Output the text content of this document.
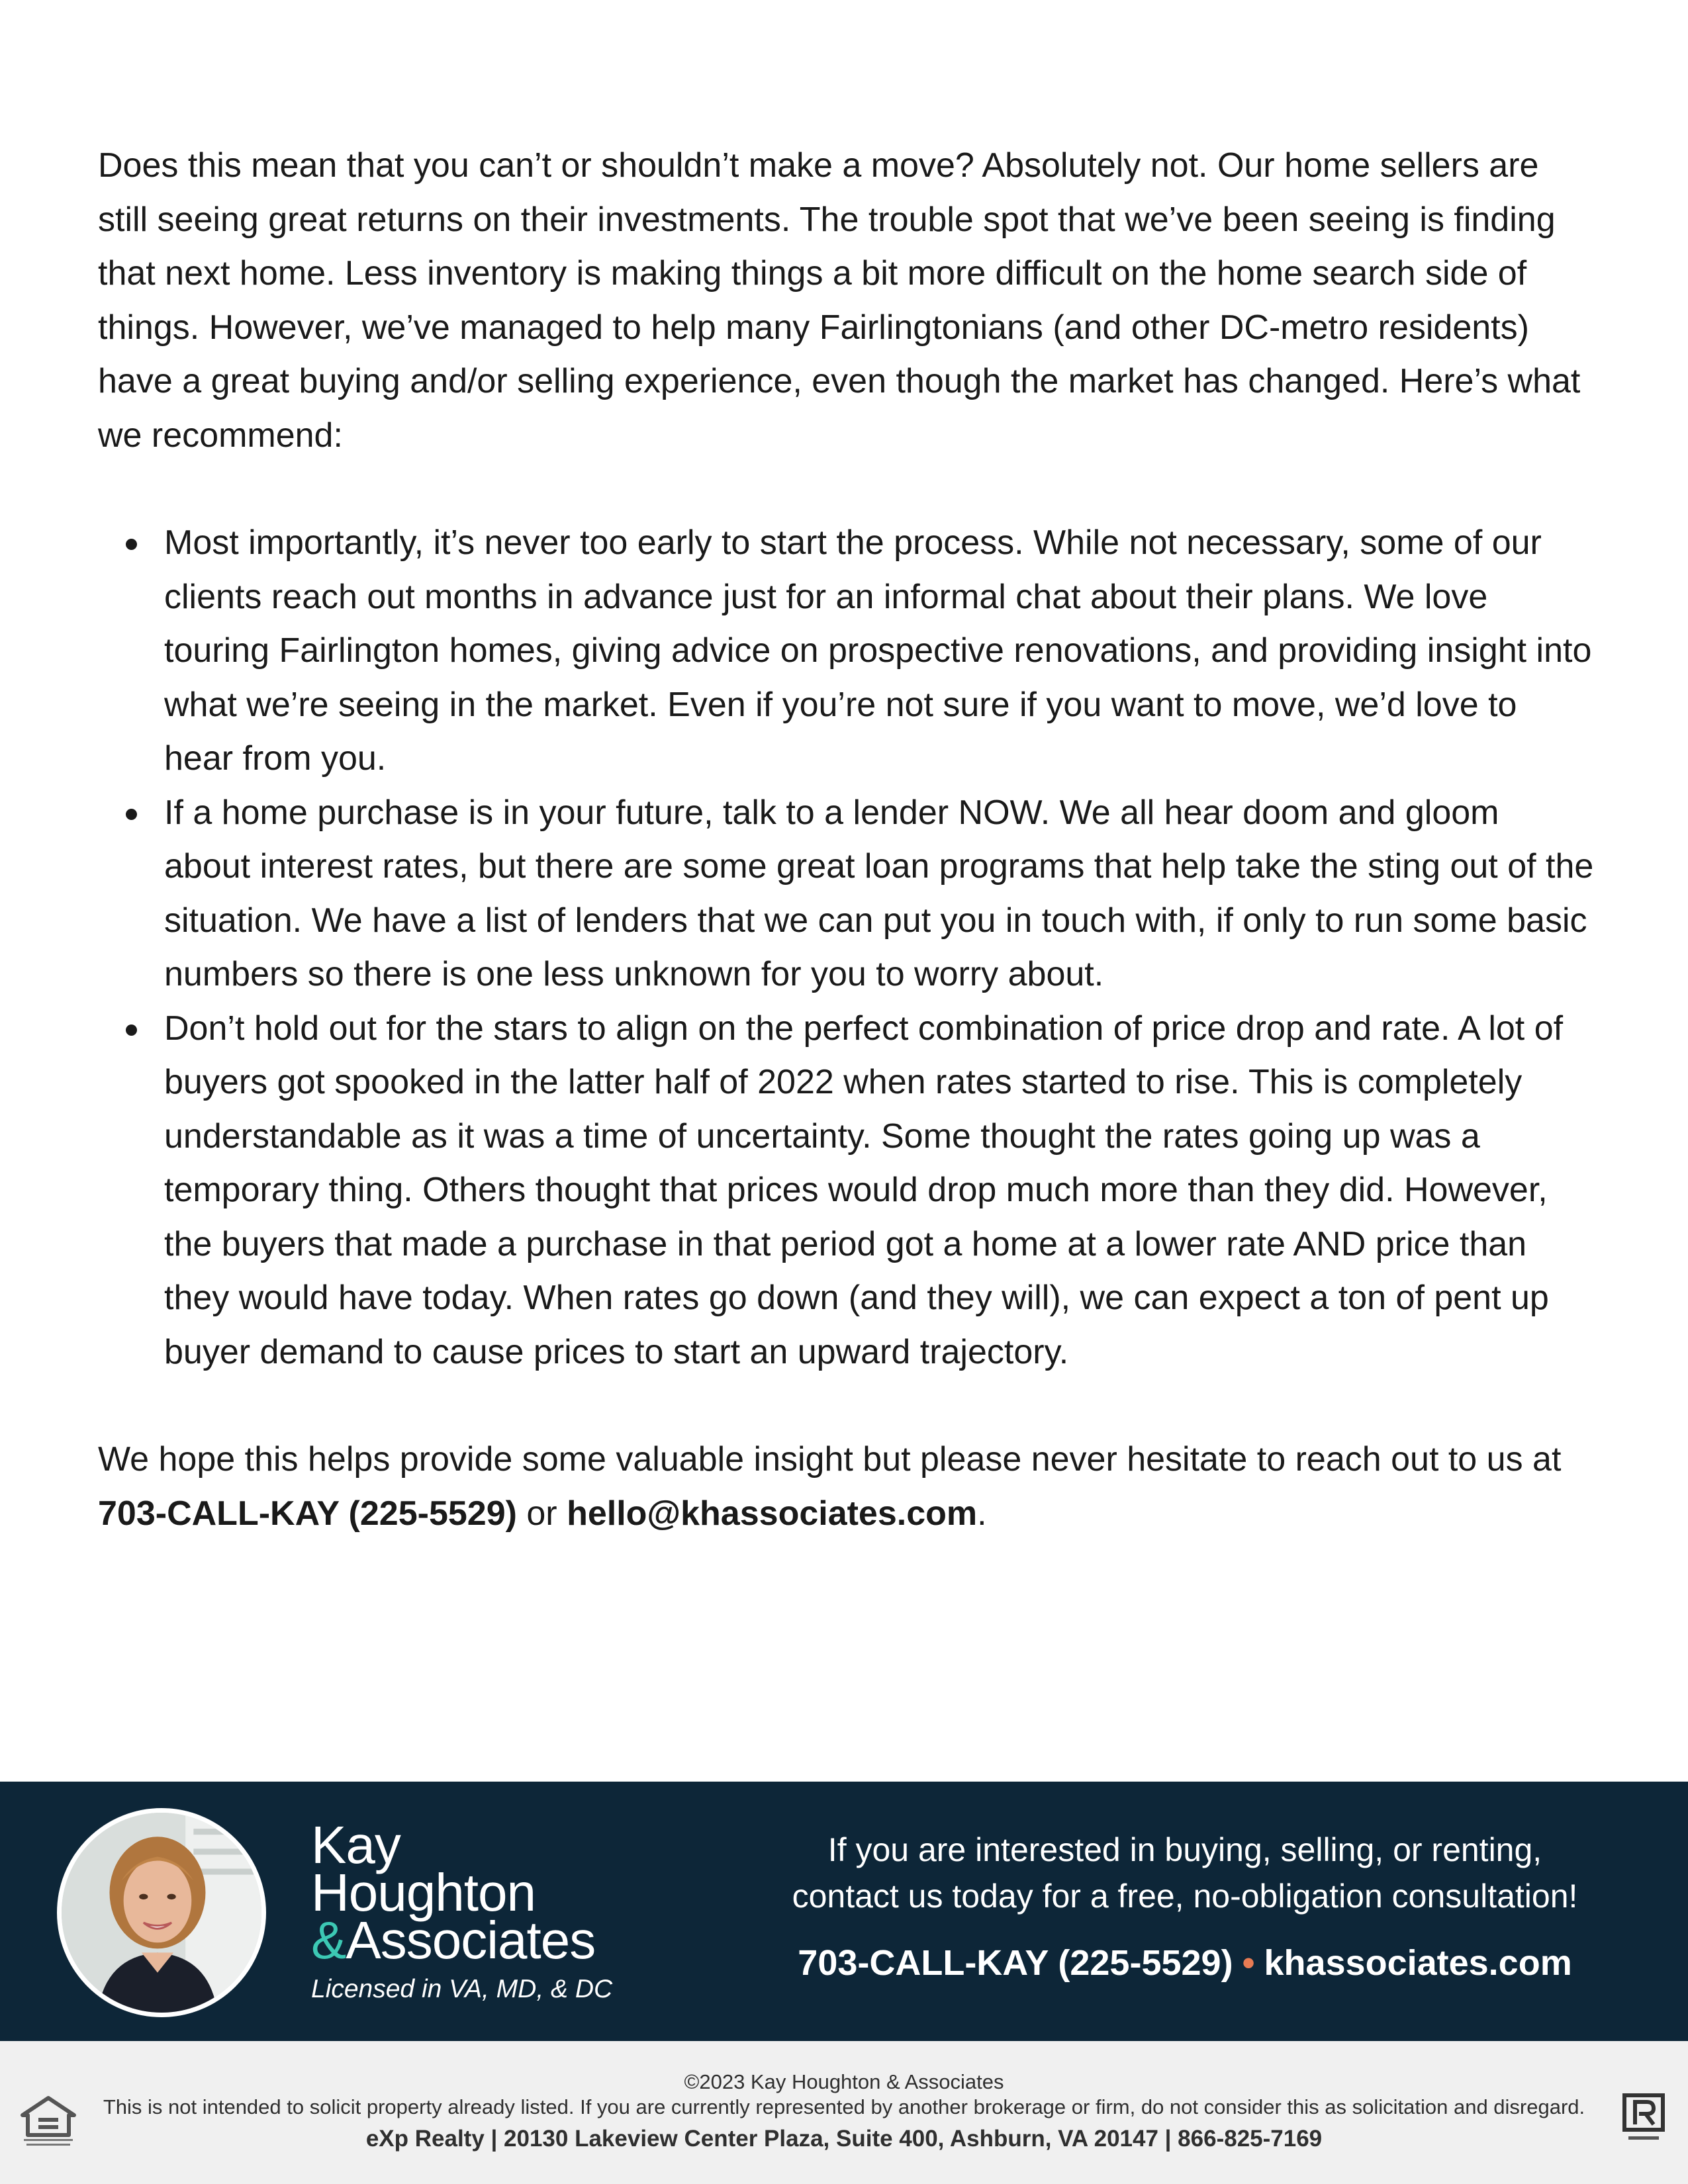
Does this mean that you can’t or shouldn’t make a move? Absolutely not. Our home sellers are still seeing great returns on their investments. The trouble spot that we’ve been seeing is finding that next home. Less inventory is making things a bit more difficult on the home search side of things. However, we’ve managed to help many Fairlingtonians (and other DC-metro residents) have a great buying and/or selling experience, even though the market has changed. Here’s what we recommend:

Most importantly, it’s never too early to start the process. While not necessary, some of our clients reach out months in advance just for an informal chat about their plans. We love touring Fairlington homes, giving advice on prospective renovations, and providing insight into what we’re seeing in the market. Even if you’re not sure if you want to move, we’d love to hear from you.
If a home purchase is in your future, talk to a lender NOW. We all hear doom and gloom about interest rates, but there are some great loan programs that help take the sting out of the situation. We have a list of lenders that we can put you in touch with, if only to run some basic numbers so there is one less unknown for you to worry about.
Don’t hold out for the stars to align on the perfect combination of price drop and rate. A lot of buyers got spooked in the latter half of 2022 when rates started to rise. This is completely understandable as it was a time of uncertainty. Some thought the rates going up was a temporary thing. Others thought that prices would drop much more than they did. However, the buyers that made a purchase in that period got a home at a lower rate AND price than they would have today. When rates go down (and they will), we can expect a ton of pent up buyer demand to cause prices to start an upward trajectory.

We hope this helps provide some valuable insight but please never hesitate to reach out to us at 703-CALL-KAY (225-5529) or hello@khassociates.com.

Kay
Houghton
&Associates
Licensed in VA, MD, & DC
If you are interested in buying, selling, or renting,
contact us today for a free, no-obligation consultation!
703-CALL-KAY (225-5529) • khassociates.com
©2023 Kay Houghton & Associates
This is not intended to solicit property already listed. If you are currently represented by another brokerage or firm, do not consider this as solicitation and disregard.
eXp Realty | 20130 Lakeview Center Plaza, Suite 400, Ashburn, VA 20147 | 866-825-7169
